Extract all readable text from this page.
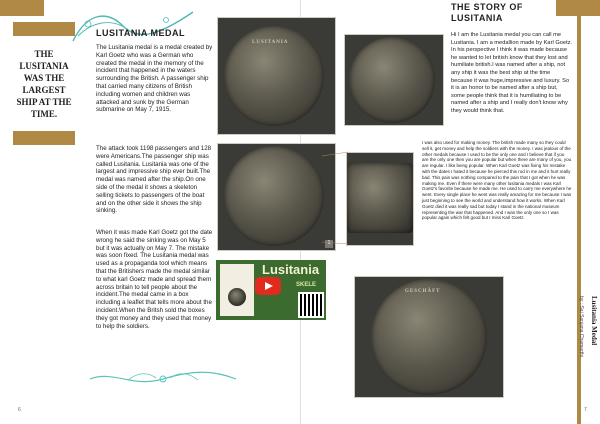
THE LUSITANIA WAS THE LARGEST SHIP AT THE TIME.
LUSITANIA MEDAL
The Lusitania medal is a medal created by Karl Goetz who was a German who created the medal in the memory of the incident that happened in the waters surrounding the British. A passenger ship that carried many citizens of British including women and children was attacked and sunk by the German submarine on May 7, 1915.
The attack took 1198 passengers and 128 were Americans.The passenger ship was called Lusitania. Lusitania was one of the largest and impressive ship ever built.The medal was named after the ship.On one side of the medal it shows a skeleton selling tickets to passengers of the boat and on the other side it shows the ship sinking.
When it was made Karl Goetz got the date wrong he said the sinking was on May 5 but it was actually on May 7. The mistake was soon fixed. The Lusitania medal was used as a propaganda tool which means that the Britishers made the medal similar to what karl Goetz made and spread them across britain to tell people about the incident.The medal came in a box including a leaflet that tells more about the incident.When the Britsh sold the boxes they got money and they used that money to help the soldiers.
LUSITANIA
1
Lusitania
SKELE
6
THE STORY OF LUSITANIA
Hi I am the Lusitania medal you can call me Lusitania. I am a medallion made by Karl Goetz. In his perspective I think it was made because he wanted to let british know that they lost and humiliate british.I was named after a ship, not any ship it was the best ship at the time because it was huge,impressive and luxury. So it is an honor to be named after a ship but, some people think that it is humiliating to be named after a ship and I really don't know why they would think that.
I was also used for making money. The british made many so they could sell it, get money and help the soldiers with the money. I was jealous of the other medals because I used to be the only one and I believe that if you are the only one then you are popular but when there are many of you, you are regular. I like being popular. When Karl Goetz was fixing his mistake with the dates I hated it because he pierced this rod in me and it hurt really bad. This pain was nothing compared to the pain that I got when he was making me. Even if there were many other lusitania medals I was Karl Goetz's favorite because he made me. He used to carry me everywhere he went. Every single place he went was really amazing for me because I was just beginning to see the world and understand how it works. When Karl Goetz died it was really sad but today I stand in the national museum representing the war that happened. And I was the only one so I was popular again which felt good but I miss Karl Goetz.
GESCHÄFT
Lusitania Medal
by : Sai Sanjana Chamarthi
7
